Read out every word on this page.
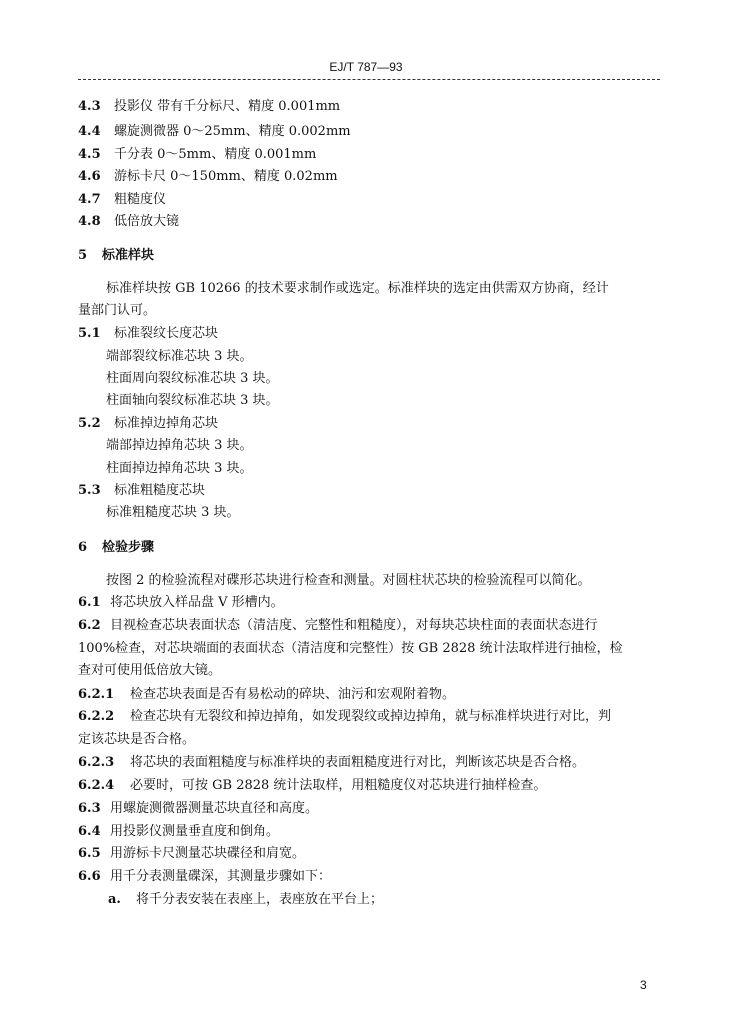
EJ/T 787—93
4.3 投影仪 带有千分标尺、精度 0.001mm
4.4 螺旋测微器 0～25mm、精度 0.002mm
4.5 千分表 0～5mm、精度 0.001mm
4.6 游标卡尺 0～150mm、精度 0.02mm
4.7 粗糙度仪
4.8 低倍放大镜
5 标准样块
标准样块按 GB 10266 的技术要求制作或选定。标准样块的选定由供需双方协商，经计
量部门认可。
5.1 标准裂纹长度芯块
端部裂纹标准芯块 3 块。
柱面周向裂纹标准芯块 3 块。
柱面轴向裂纹标准芯块 3 块。
5.2 标准掉边掉角芯块
端部掉边掉角芯块 3 块。
柱面掉边掉角芯块 3 块。
5.3 标准粗糙度芯块
标准粗糙度芯块 3 块。
6 检验步骤
按图 2 的检验流程对碟形芯块进行检查和测量。对圆柱状芯块的检验流程可以简化。
6.1 将芯块放入样品盘 V 形槽内。
6.2 目视检查芯块表面状态（清洁度、完整性和粗糙度），对每块芯块柱面的表面状态进行
100%检查，对芯块端面的表面状态（清洁度和完整性）按 GB 2828 统计法取样进行抽检，检
查对可使用低倍放大镜。
6.2.1 检查芯块表面是否有易松动的碎块、油污和宏观附着物。
6.2.2 检查芯块有无裂纹和掉边掉角，如发现裂纹或掉边掉角，就与标准样块进行对比，判
定该芯块是否合格。
6.2.3 将芯块的表面粗糙度与标准样块的表面粗糙度进行对比，判断该芯块是否合格。
6.2.4 必要时，可按 GB 2828 统计法取样，用粗糙度仪对芯块进行抽样检查。
6.3 用螺旋测微器测量芯块直径和高度。
6.4 用投影仪测量垂直度和倒角。
6.5 用游标卡尺测量芯块碟径和肩宽。
6.6 用千分表测量碟深，其测量步骤如下：
a. 将千分表安装在表座上，表座放在平台上；
3
